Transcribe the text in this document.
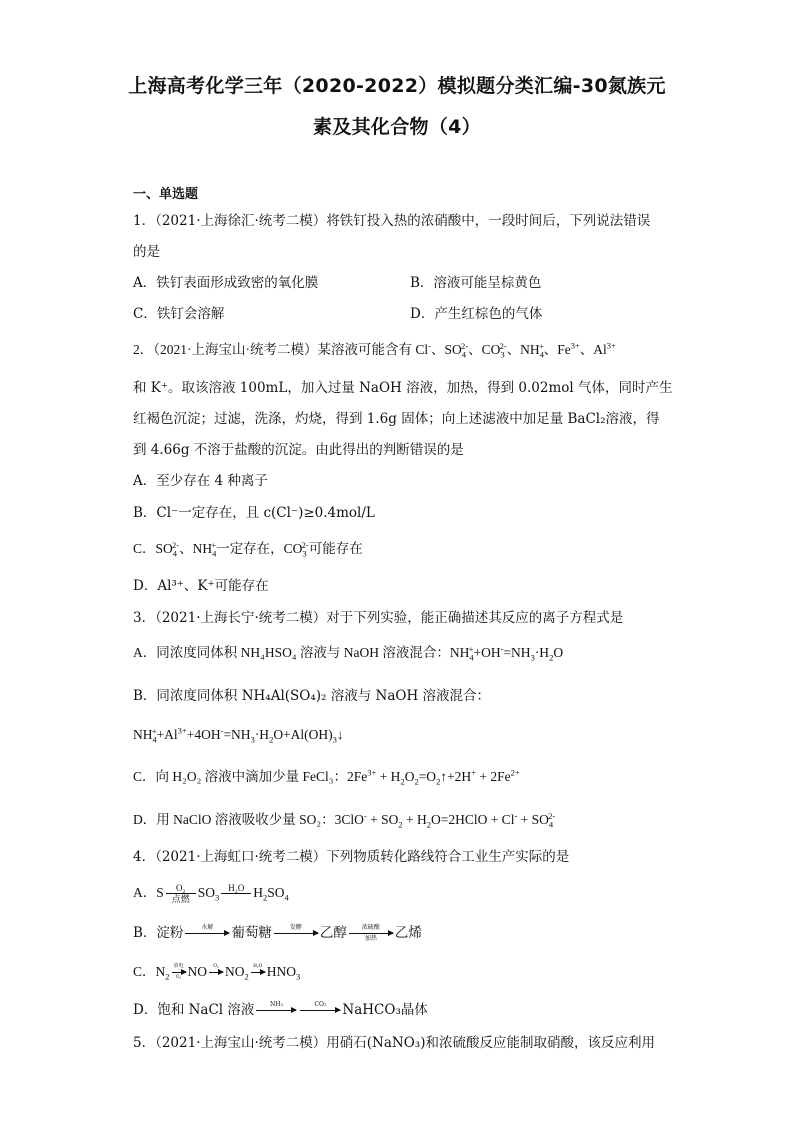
上海高考化学三年（2020-2022）模拟题分类汇编-30氮族元
素及其化合物（4）
一、单选题
1．（2021·上海徐汇·统考二模）将铁钉投入热的浓硝酸中，一段时间后，下列说法错误
的是
A．铁钉表面形成致密的氧化膜	B．溶液可能呈棕黄色
C．铁钉会溶解	D．产生红棕色的气体
2．（2021·上海宝山·统考二模）某溶液可能含有 Cl-、$SO_4^{2-}$、$CO_3^{2-}$、$NH_4^+$、$Fe^{3+}$、$Al^{3+}$
和 K⁺。取该溶液 100mL，加入过量 NaOH 溶液，加热，得到 0.02mol 气体，同时产生
红褐色沉淀；过滤，洗涤，灼烧，得到 1.6g 固体；向上述滤液中加足量 BaCl₂溶液，得
到 4.66g 不溶于盐酸的沉淀。由此得出的判断错误的是
A．至少存在 4 种离子
B．Cl⁻一定存在，且 c(Cl⁻)≥0.4mol/L
C．$SO_4^{2-}$、$NH_4^+$一定存在，$CO_3^{2-}$可能存在
D．Al³⁺、K⁺可能存在
3．（2021·上海长宁·统考二模）对于下列实验，能正确描述其反应的离子方程式是
A．同浓度同体积 NH₄HSO₄ 溶液与 NaOH 溶液混合：$NH_4^++OH^-=NH_3\cdot H_2O$
B．同浓度同体积 NH₄Al(SO₄)₂ 溶液与 NaOH 溶液混合：
$NH_4^++Al^{3+}+4OH^-=NH_3\cdot H_2O+Al(OH)_3↓$
C．向 H₂O₂ 溶液中滴加少量 FeCl₃：$2Fe^{3+}$ + $H_2O_2=O_2↑+2H^+ + 2Fe^{2+}$
D．用 NaClO 溶液吸收少量 SO₂：$3ClO^- + SO_2$ + $H_2O=2HClO + Cl^- + SO_4^{2-}$
4．（2021·上海虹口·统考二模）下列物质转化路线符合工业生产实际的是
A．S	O₂
点燃 $SO_3$
H₂O
$H_2SO_4$
B．淀粉	水解
	葡萄糖	发酵
	乙醇	浓硫酸
加热	乙烯
C．$N_2$
放电
O₂ NO	O₂
$NO_2$
H₂O
$HNO_3$
D．饱和 NaCl 溶液	NH₃
	CO₂
	NaHCO₃晶体
5．（2021·上海宝山·统考二模）用硝石(NaNO₃)和浓硫酸反应能制取硝酸，该反应利用
